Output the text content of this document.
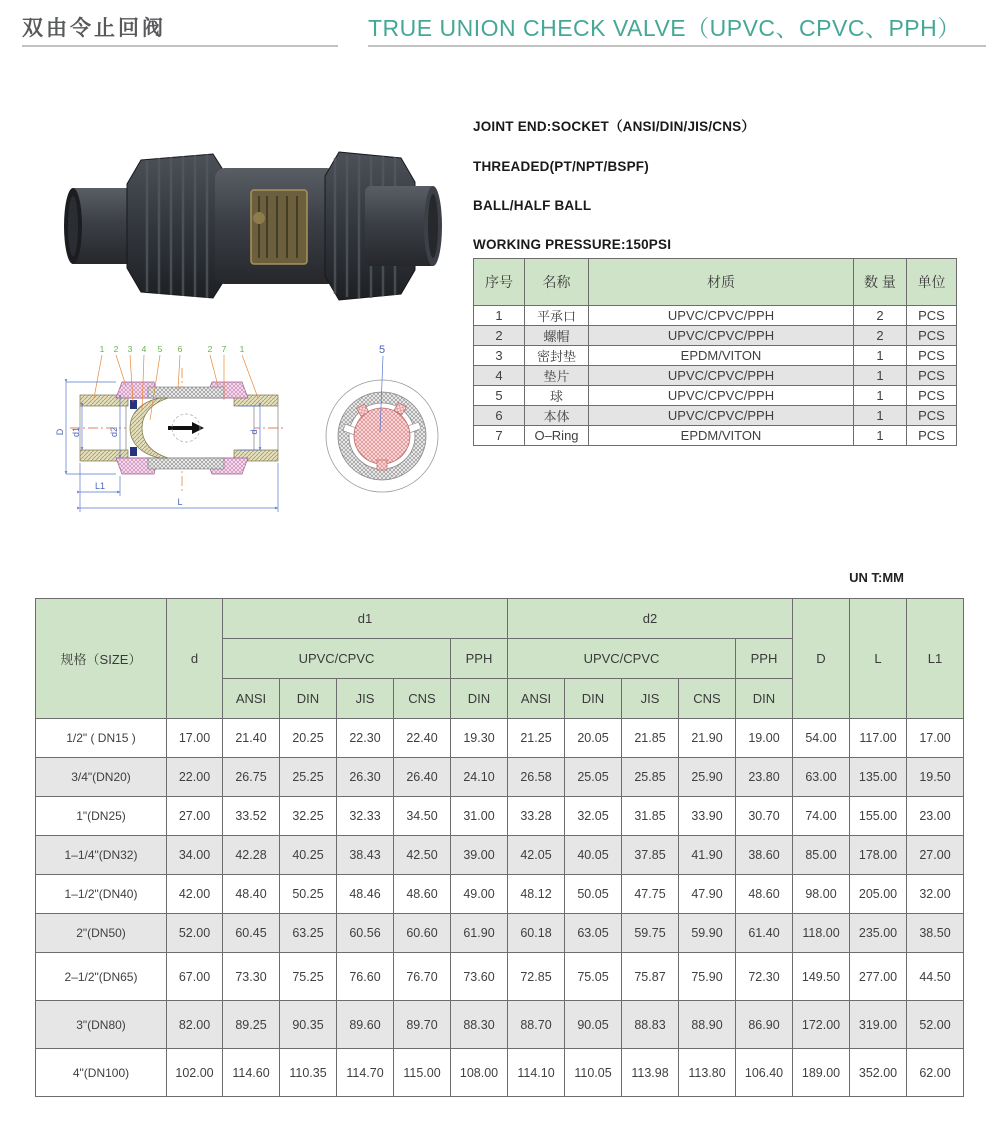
双由令止回阀	TRUE UNION CHECK VALVE（UPVC、CPVC、PPH）
1 2 3 4 5 6	2 7 1
D d1	d2	d
L1
L
5

JOINT END:SOCKET（ANSI/DIN/JIS/CNS）

THREADED(PT/NPT/BSPF)

BALL/HALF BALL

WORKING PRESSURE:150PSI

序号	名称	材质	数 量	单位
1	平承口	UPVC/CPVC/PPH	2	PCS
2	螺帽	UPVC/CPVC/PPH	2	PCS
3	密封垫	EPDM/VITON	1	PCS
4	垫片	UPVC/CPVC/PPH	1	PCS
5	球	UPVC/CPVC/PPH	1	PCS
6	本体	UPVC/CPVC/PPH	1	PCS
7	O–Ring	EPDM/VITON	1	PCS
UN T:MM
规格（SIZE）	d	d1					d2					D	L	L1
		UPVC/CPVC				PPH	UPVC/CPVC				PPH			
		ANSI	DIN	JIS	CNS	DIN	ANSI	DIN	JIS	CNS	DIN			
1/2" ( DN15 )	17.00	21.40	20.25	22.30	22.40	19.30	21.25	20.05	21.85	21.90	19.00	54.00	117.00	17.00
3/4"(DN20)	22.00	26.75	25.25	26.30	26.40	24.10	26.58	25.05	25.85	25.90	23.80	63.00	135.00	19.50
1"(DN25)	27.00	33.52	32.25	32.33	34.50	31.00	33.28	32.05	31.85	33.90	30.70	74.00	155.00	23.00
1–1/4"(DN32)	34.00	42.28	40.25	38.43	42.50	39.00	42.05	40.05	37.85	41.90	38.60	85.00	178.00	27.00
1–1/2"(DN40)	42.00	48.40	50.25	48.46	48.60	49.00	48.12	50.05	47.75	47.90	48.60	98.00	205.00	32.00
2"(DN50)	52.00	60.45	63.25	60.56	60.60	61.90	60.18	63.05	59.75	59.90	61.40	118.00	235.00	38.50
2–1/2"(DN65)	67.00	73.30	75.25	76.60	76.70	73.60	72.85	75.05	75.87	75.90	72.30	149.50	277.00	44.50
3"(DN80)	82.00	89.25	90.35	89.60	89.70	88.30	88.70	90.05	88.83	88.90	86.90	172.00	319.00	52.00
4"(DN100)	102.00	114.60	110.35	114.70	115.00	108.00	114.10	110.05	113.98	113.80	106.40	189.00	352.00	62.00
